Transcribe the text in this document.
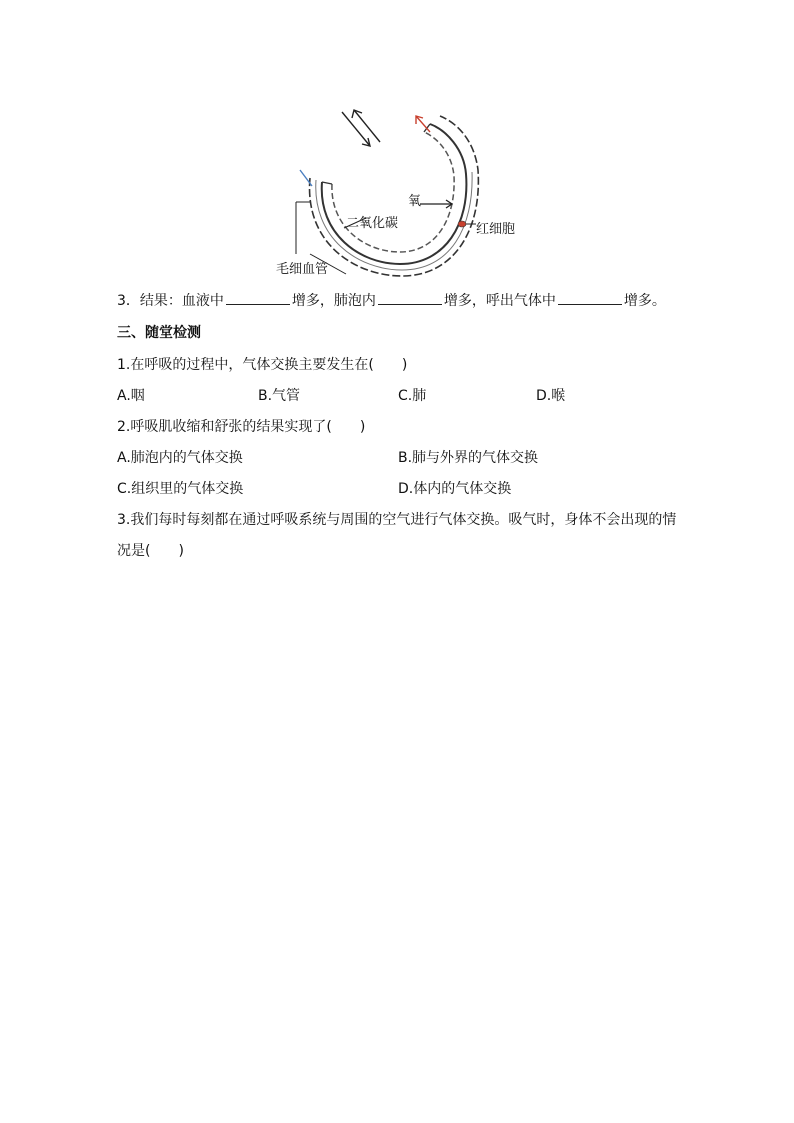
氧
二氧化碳	红细胞
毛细血管
3．结果：血液中	增多，肺泡内	增多，呼出气体中	增多。
三、随堂检测
1.在呼吸的过程中，气体交换主要发生在(　　)
A.咽	B.气管	C.肺	D.喉
2.呼吸肌收缩和舒张的结果实现了(　　)
A.肺泡内的气体交换	B.肺与外界的气体交换
C.组织里的气体交换	D.体内的气体交换
3.我们每时每刻都在通过呼吸系统与周围的空气进行气体交换。吸气时，身体不会出现的情
况是(　　)
